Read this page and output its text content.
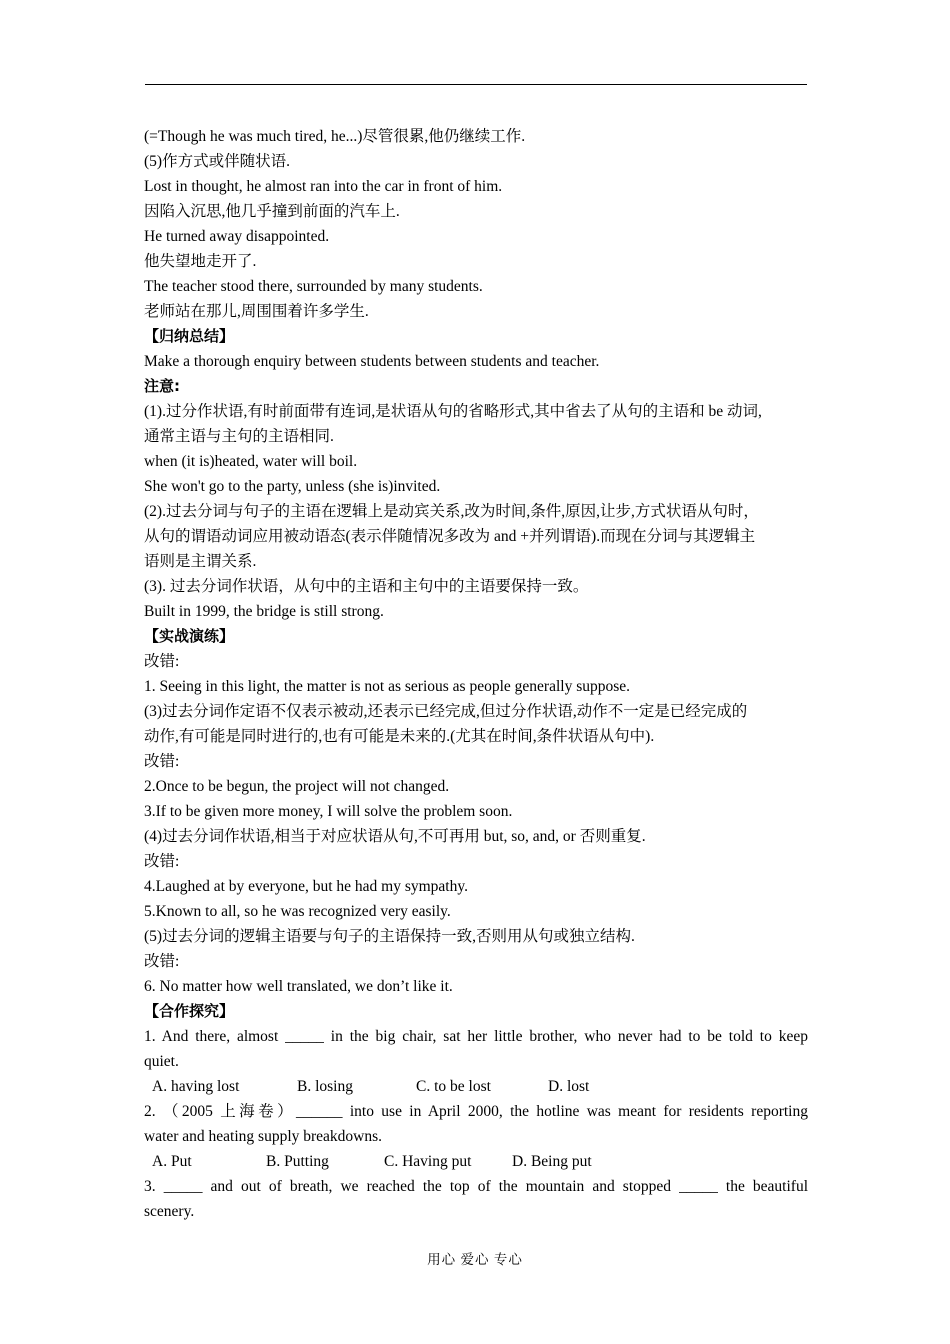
(=Though he was much tired, he...)尽管很累,他仍继续工作.
(5)作方式或伴随状语.
Lost in thought, he almost ran into the car in front of him.
因陷入沉思,他几乎撞到前面的汽车上.
He turned away disappointed.
他失望地走开了.
The teacher stood there, surrounded by many students.
老师站在那儿,周围围着许多学生.
【归纳总结】
Make a thorough enquiry between students between students and teacher.
注意:
(1).过分作状语,有时前面带有连词,是状语从句的省略形式,其中省去了从句的主语和 be 动词,
通常主语与主句的主语相同.
when (it is)heated, water will boil.
She won't go to the party, unless (she is)invited.
(2).过去分词与句子的主语在逻辑上是动宾关系,改为时间,条件,原因,让步,方式状语从句时，
从句的谓语动词应用被动语态(表示伴随情况多改为 and +并列谓语).而现在分词与其逻辑主
语则是主谓关系.
(3). 过去分词作状语，从句中的主语和主句中的主语要保持一致。
Built in 1999, the bridge is still strong.
【实战演练】
改错:
1. Seeing in this light, the matter is not as serious as people generally suppose.
(3)过去分词作定语不仅表示被动,还表示已经完成,但过分作状语,动作不一定是已经完成的
动作,有可能是同时进行的,也有可能是未来的.(尤其在时间,条件状语从句中).
改错:
2.Once to be begun, the project will not changed.
3.If to be given more money, I will solve the problem soon.
(4)过去分词作状语,相当于对应状语从句,不可再用 but, so, and, or 否则重复.
改错:
4.Laughed at by everyone, but he had my sympathy.
5.Known to all, so he was recognized very easily.
(5)过去分词的逻辑主语要与句子的主语保持一致,否则用从句或独立结构.
改错:
6. No matter how well translated, we don’t like it.
【合作探究】
1. And there, almost _____ in the big chair, sat her little brother, who never had to be told to keep
quiet.
A. having lost	B. losing	C. to be lost	D. lost
2. （2005 上海卷）______ into use in April 2000, the hotline was meant for residents reporting
water and heating supply breakdowns.
A. Put	B. Putting	C. Having put	D. Being put
3. _____ and out of breath, we reached the top of the mountain and stopped _____ the beautiful
scenery.
用心 爱心 专心
